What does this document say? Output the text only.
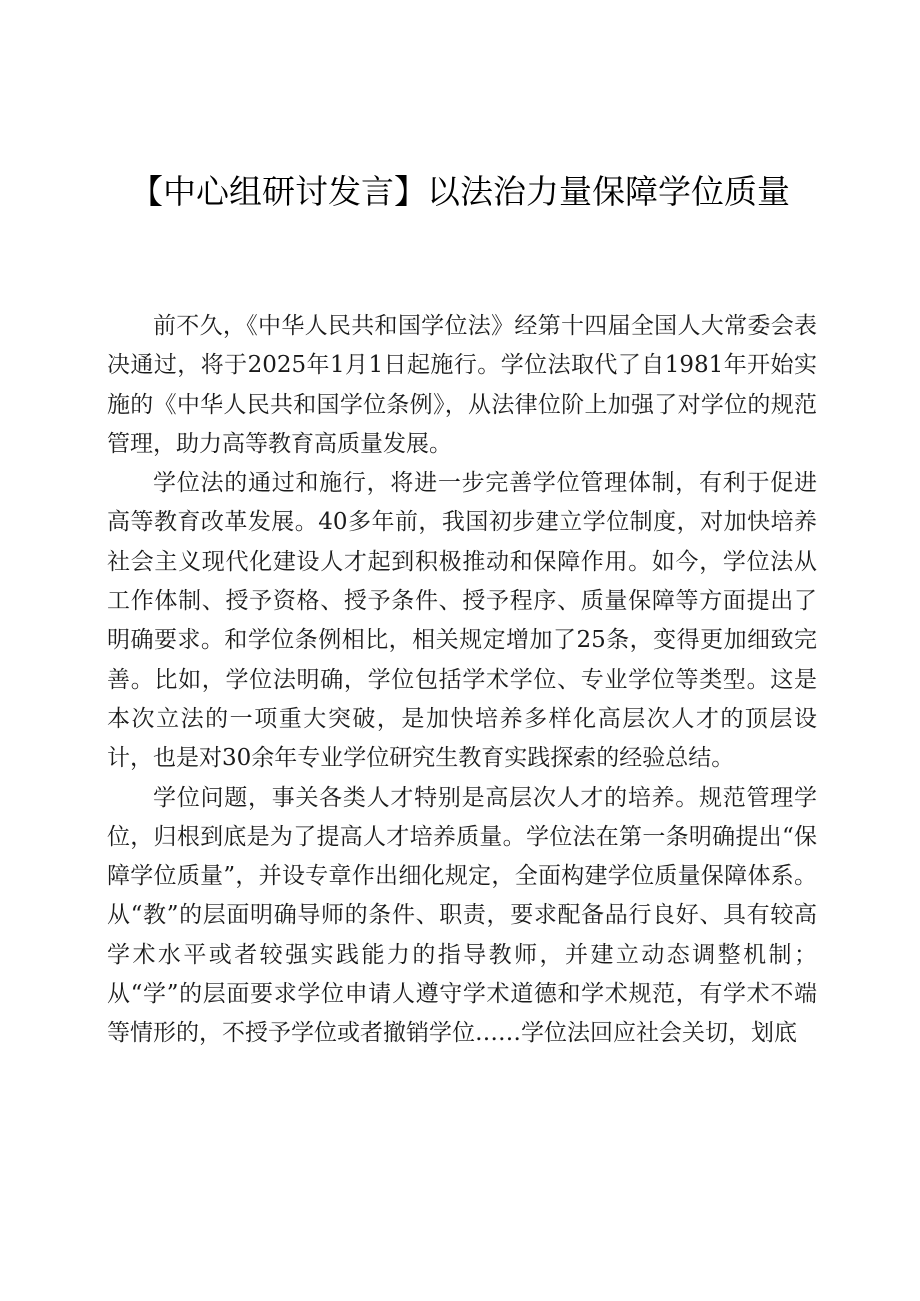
【中心组研讨发言】以法治力量保障学位质量

前不久，《中华人民共和国学位法》经第十四届全国人大常委会表决通过，将于2025年1月1日起施行。学位法取代了自1981年开始实施的《中华人民共和国学位条例》，从法律位阶上加强了对学位的规范管理，助力高等教育高质量发展。

学位法的通过和施行，将进一步完善学位管理体制，有利于促进高等教育改革发展。40多年前，我国初步建立学位制度，对加快培养社会主义现代化建设人才起到积极推动和保障作用。如今，学位法从工作体制、授予资格、授予条件、授予程序、质量保障等方面提出了明确要求。和学位条例相比，相关规定增加了25条，变得更加细致完善。比如，学位法明确，学位包括学术学位、专业学位等类型。这是本次立法的一项重大突破，是加快培养多样化高层次人才的顶层设计，也是对30余年专业学位研究生教育实践探索的经验总结。

学位问题，事关各类人才特别是高层次人才的培养。规范管理学位，归根到底是为了提高人才培养质量。学位法在第一条明确提出“保障学位质量”，并设专章作出细化规定，全面构建学位质量保障体系。从“教”的层面明确导师的条件、职责，要求配备品行良好、具有较高学术水平或者较强实践能力的指导教师，并建立动态调整机制；从“学”的层面要求学位申请人遵守学术道德和学术规范，有学术不端等情形的，不授予学位或者撤销学位……学位法回应社会关切，划底
